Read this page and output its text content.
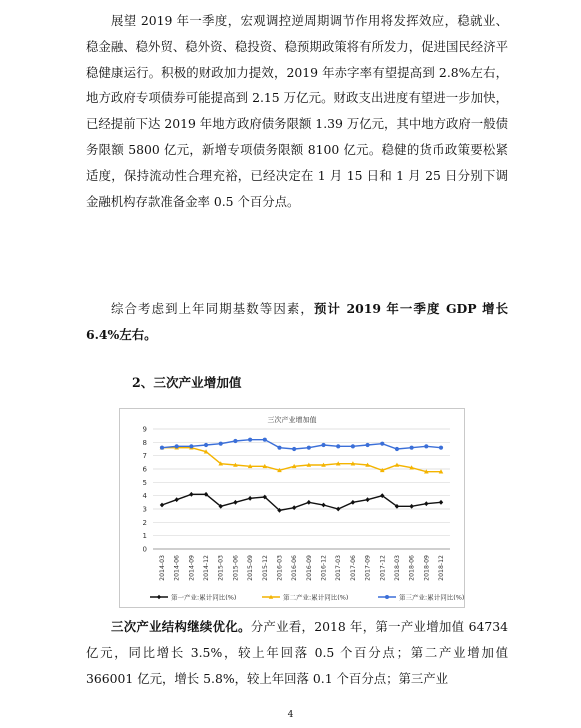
展望 2019 年一季度，宏观调控逆周期调节作用将发挥效应，稳就业、稳金融、稳外贸、稳外资、稳投资、稳预期政策将有所发力，促进国民经济平稳健康运行。积极的财政加力提效，2019 年赤字率有望提高到 2.8%左右，地方政府专项债券可能提高到 2.15 万亿元。财政支出进度有望进一步加快，已经提前下达 2019 年地方政府债务限额 1.39 万亿元，其中地方政府一般债务限额 5800 亿元，新增专项债务限额 8100 亿元。稳健的货币政策要松紧适度，保持流动性合理充裕，已经决定在 1 月 15 日和 1 月 25 日分别下调金融机构存款准备金率 0.5 个百分点。

综合考虑到上年同期基数等因素，预计 2019 年一季度 GDP 增长 6.4%左右。

2、三次产业增加值

三次产业增加值
0
1
2
3
4
5
6
7
8
9
2014-03 2014-06 2014-09 2014-12 2015-03 2015-06 2015-09 2015-12 2016-03 2016-06 2016-09 2016-12 2017-03 2017-06 2017-09 2017-12 2018-03 2018-06 2018-09 2018-12
第一产业:累计同比(%)	第二产业:累计同比(%)	第三产业:累计同比(%)

三次产业结构继续优化。分产业看，2018 年，第一产业增加值 64734 亿元，同比增长 3.5%，较上年回落 0.5 个百分点；第二产业增加值 366001 亿元，增长 5.8%，较上年回落 0.1 个百分点；第三产业

4
